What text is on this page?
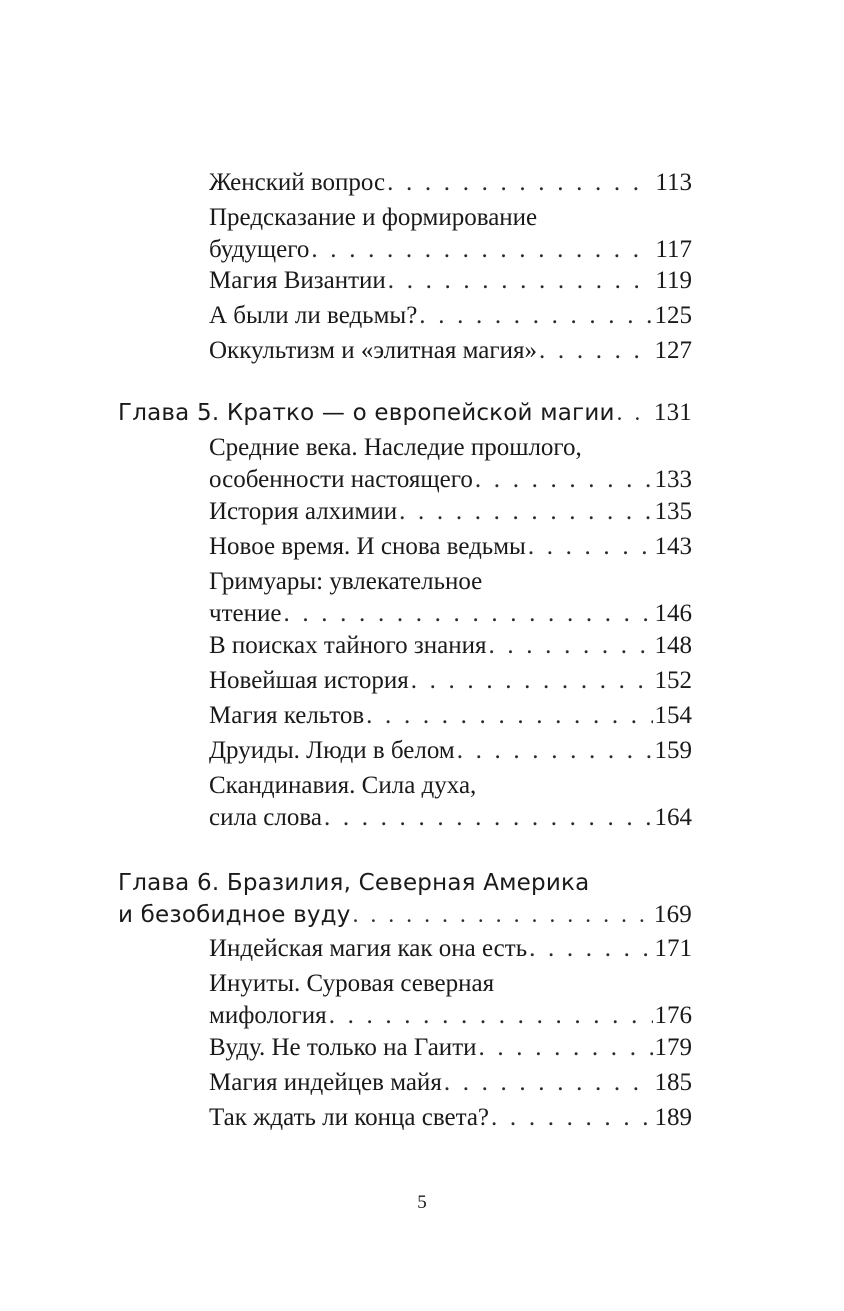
Женский вопрос . . .	113
Предсказание и формирование
будущего . . .	117
Магия Византии . . .	119
А были ли ведьмы? . . .	125
Оккультизм и «элитная магия» . . .	127
Глава 5. Кратко — о европейской магии . . . 131
Средние века. Наследие прошлого,
особенности настоящего . . .	133
История алхимии . . .	135
Новое время. И снова ведьмы . . .	143
Гримуары: увлекательное
чтение . . .	146
В поисках тайного знания . . .	148
Новейшая история . . .	152
Магия кельтов . . .	154
Друиды. Люди в белом . . .	159
Скандинавия. Сила духа,
сила слова . . .	164
Глава 6. Бразилия, Северная Америка
и безобидное вуду . . .	169
Индейская магия как она есть . . .	171
Инуиты. Суровая северная
мифология . . .	176
Вуду. Не только на Гаити . . .	179
Магия индейцев майя . . .	185
Так ждать ли конца света? . . .	189
5
